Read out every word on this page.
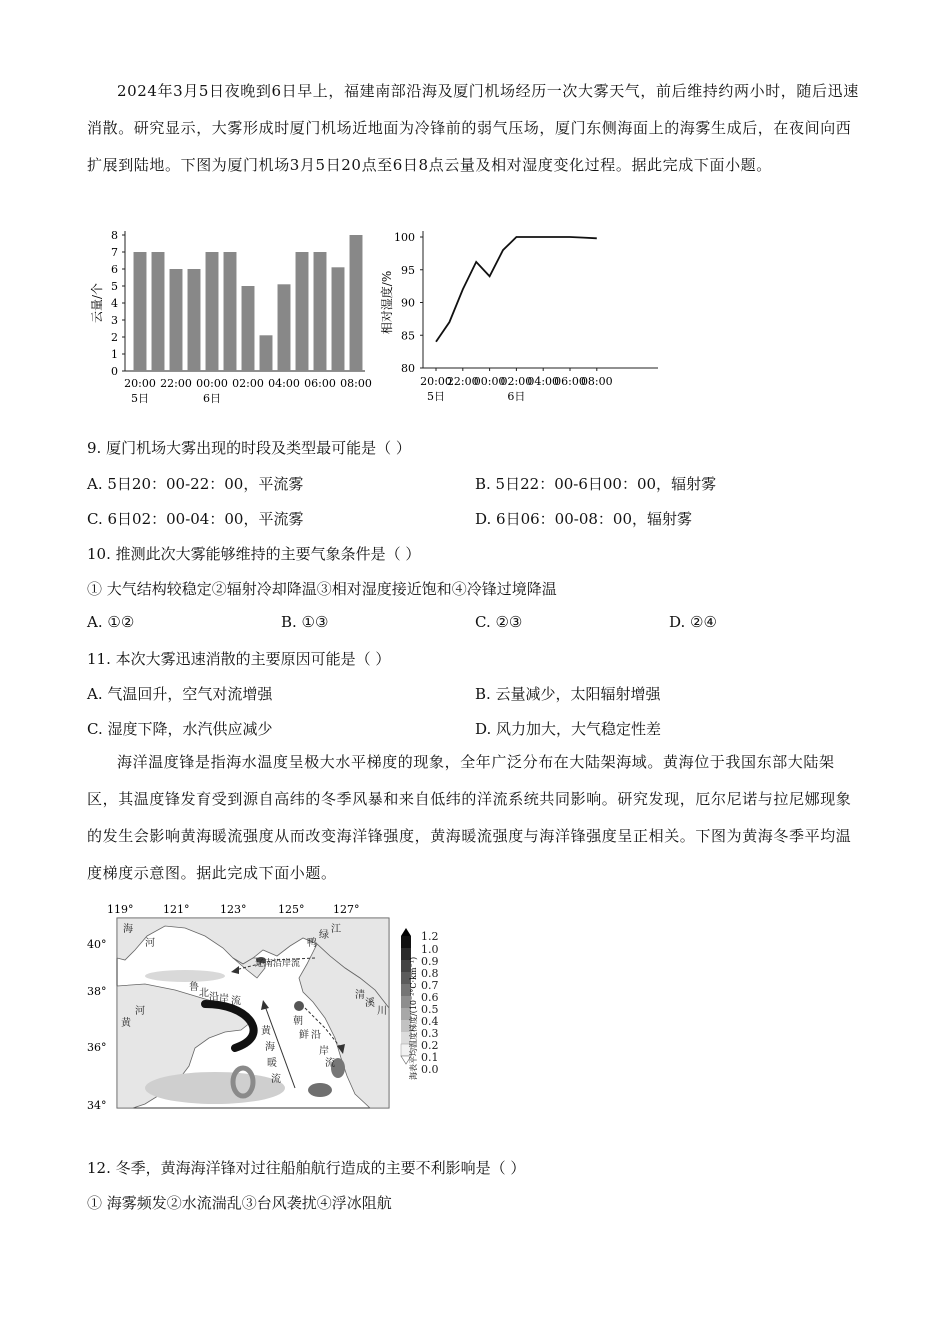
2024年3月5日夜晚到6日早上，福建南部沿海及厦门机场经历一次大雾天气，前后维持约两小时，随后迅速消散。研究显示，大雾形成时厦门机场近地面为冷锋前的弱气压场，厦门东侧海面上的海雾生成后，在夜间向西扩展到陆地。下图为厦门机场3月5日20点至6日8点云量及相对湿度变化过程。据此完成下面小题。

0
1
2
3
4
5
6
7
8
20:00 22:00 00:00 02:00 04:00 06:00 08:00
5日	6日
云量/个
80
85
90
95
100
20:00
22:00
00:00
02:00
04:00
06:00
08:00
5日	6日
相对湿度/%
9. 厦门机场大雾出现的时段及类型最可能是（ ）
A. 5日20：00-22：00，平流雾	B. 5日22：00-6日00：00，辐射雾
C. 6日02：00-04：00，平流雾	D. 6日06：00-08：00，辐射雾
10. 推测此次大雾能够维持的主要气象条件是（ ）
① 大气结构较稳定②辐射冷却降温③相对湿度接近饱和④冷锋过境降温
A. ①②	B. ①③	C. ②③	D. ②④
11. 本次大雾迅速消散的主要原因可能是（ ）
A. 气温回升，空气对流增强	B. 云量减少，太阳辐射增强
C. 湿度下降，水汽供应减少	D. 风力加大，大气稳定性差

海洋温度锋是指海水温度呈极大水平梯度的现象，全年广泛分布在大陆架海域。黄海位于我国东部大陆架区，其温度锋发育受到源自高纬的冬季风暴和来自低纬的洋流系统共同影响。研究发现，厄尔尼诺与拉尼娜现象的发生会影响黄海暖流强度从而改变海洋锋强度，黄海暖流强度与海洋锋强度呈正相关。下图为黄海冬季平均温度梯度示意图。据此完成下面小题。

119°	121°	123°	125°	127°
40°
38°
36°
34°
海
河	鸭
绿
江
辽南沿岸流
鲁
北 沿 岸 流
黄
河
黄
海
暖
流
朝
鲜 沿
岸
流
清
溪
川
1.2
1.0
0.9
0.8
0.7
0.6
0.5
0.4
0.3
0.2
0.1
0.0
海表平均温度梯度/(10⁻²°C·km⁻¹)
12. 冬季，黄海海洋锋对过往船舶航行造成的主要不利影响是（ ）
① 海雾频发②水流湍乱③台风袭扰④浮冰阻航
